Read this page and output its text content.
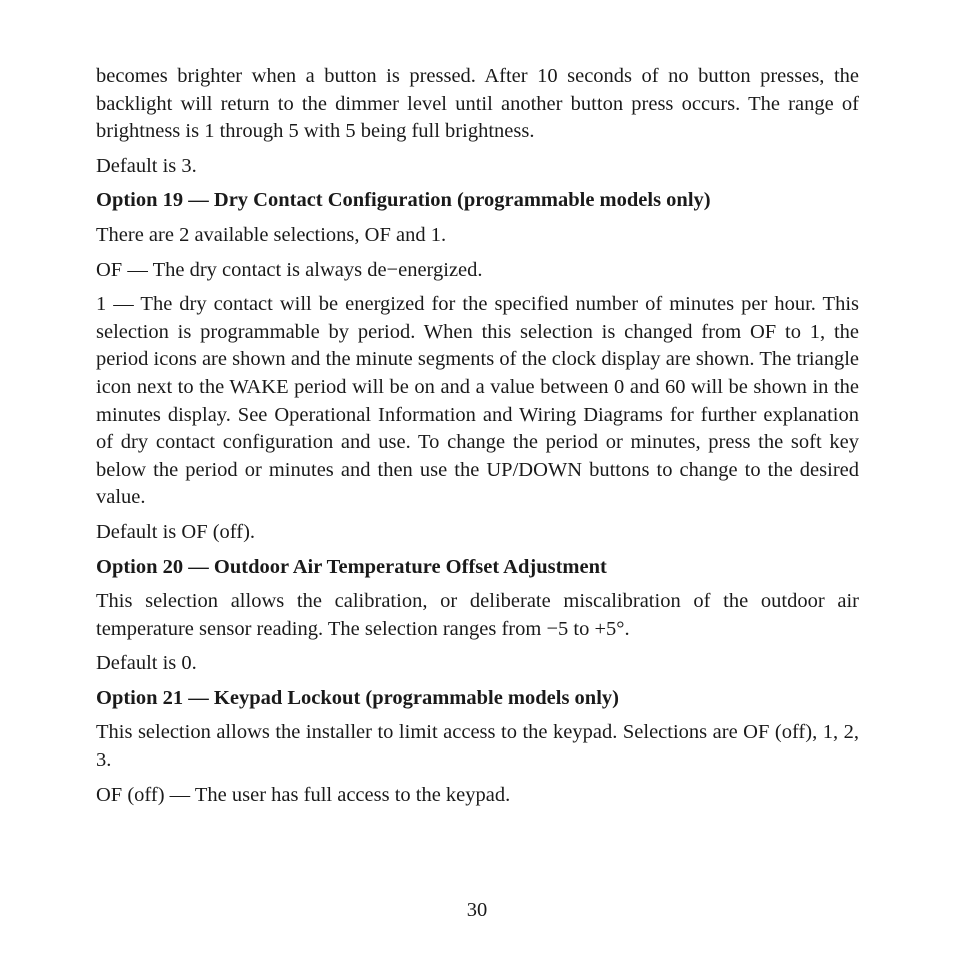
becomes brighter when a button is pressed. After 10 seconds of no button presses, the backlight will return to the dimmer level until another button press occurs. The range of brightness is 1 through 5 with 5 being full brightness.

Default is 3.

Option 19 — Dry Contact Configuration (programmable models only)

There are 2 available selections, OF and 1.

OF — The dry contact is always de−energized.

1 — The dry contact will be energized for the specified number of minutes per hour. This selection is programmable by period. When this selection is changed from OF to 1, the period icons are shown and the minute segments of the clock display are shown. The triangle icon next to the WAKE period will be on and a value between 0 and 60 will be shown in the minutes display. See Operational Information and Wiring Diagrams for further explanation of dry contact configuration and use. To change the period or minutes, press the soft key below the period or minutes and then use the UP/DOWN buttons to change to the desired value.

Default is OF (off).

Option 20 — Outdoor Air Temperature Offset Adjustment

This selection allows the calibration, or deliberate miscalibration of the outdoor air temperature sensor reading. The selection ranges from −5 to +5°.

Default is 0.

Option 21 — Keypad Lockout (programmable models only)

This selection allows the installer to limit access to the keypad. Selections are OF (off), 1, 2, 3.

OF (off) — The user has full access to the keypad.

30
